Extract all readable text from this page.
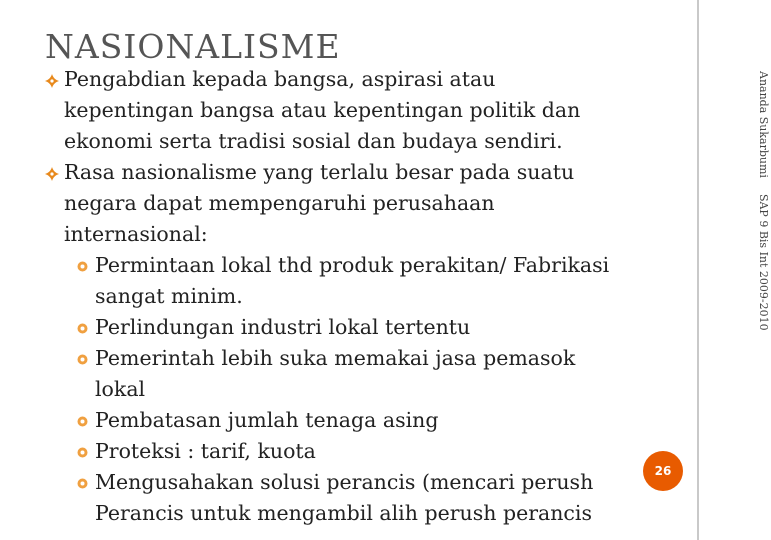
NASIONALISME
Ananda SukarbumiSAP 9 Bis Int 2009-2010
26
Pengabdian kepada bangsa, aspirasi atau kepentingan bangsa atau kepentingan politik dan ekonomi serta tradisi sosial dan budaya sendiri.
Rasa nasionalisme yang terlalu besar pada suatu negara dapat mempengaruhi perusahaan internasional:
Permintaan lokal thd produk perakitan/ Fabrikasi sangat minim.
Perlindungan industri lokal tertentu
Pemerintah lebih suka memakai jasa pemasok lokal
Pembatasan jumlah tenaga asing
Proteksi : tarif, kuota
Mengusahakan solusi perancis (mencari perush Perancis untuk mengambil alih perush perancis
